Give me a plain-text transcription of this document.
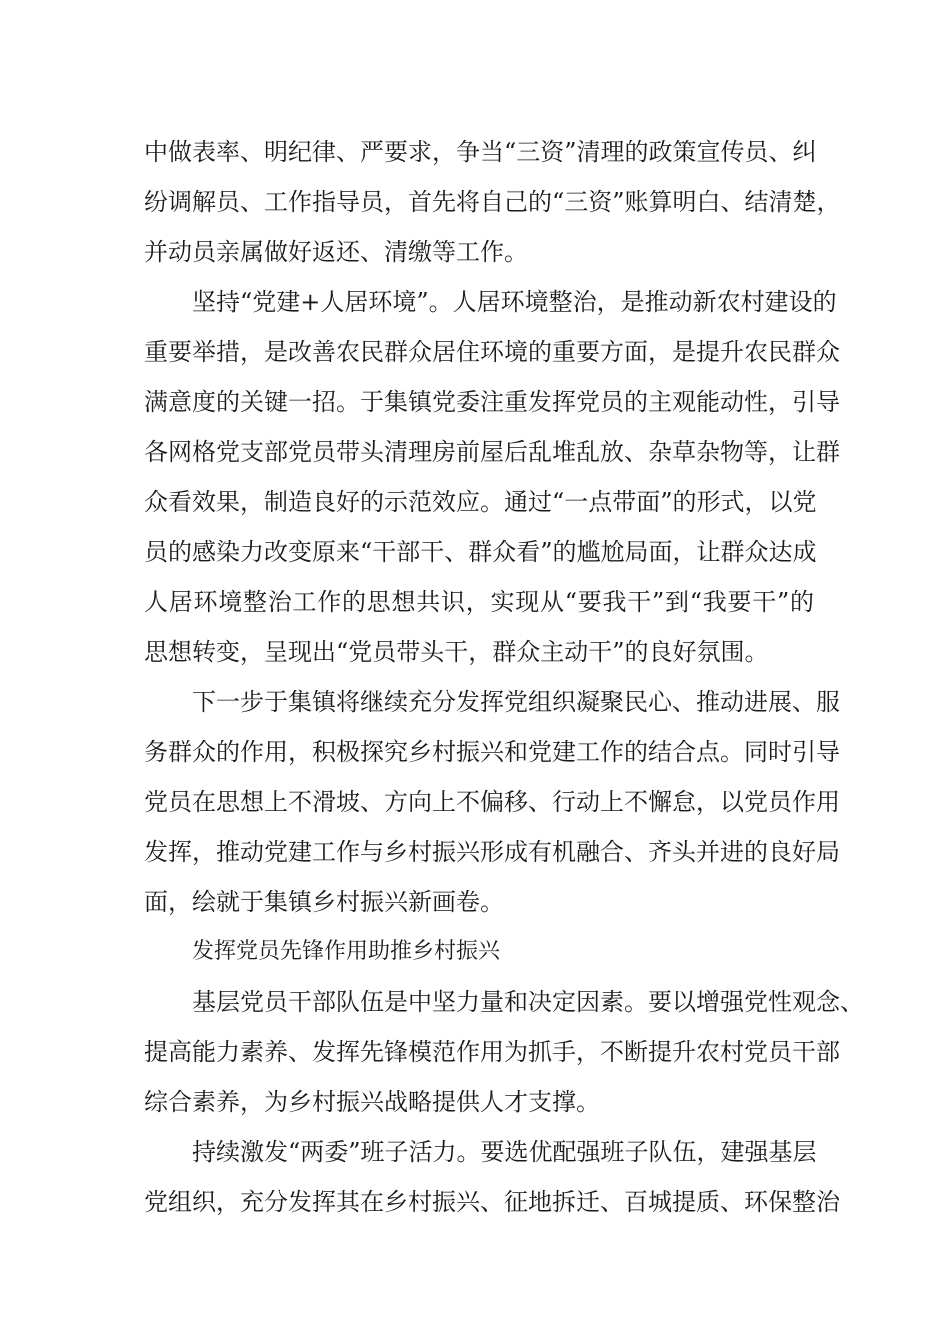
中做表率、明纪律、严要求，争当“三资”清理的政策宣传员、纠
纷调解员、工作指导员，首先将自己的“三资”账算明白、结清楚，
并动员亲属做好返还、清缴等工作。
坚持“党建+人居环境”。人居环境整治，是推动新农村建设的
重要举措，是改善农民群众居住环境的重要方面，是提升农民群众
满意度的关键一招。于集镇党委注重发挥党员的主观能动性，引导
各网格党支部党员带头清理房前屋后乱堆乱放、杂草杂物等，让群
众看效果，制造良好的示范效应。通过“一点带面”的形式，以党
员的感染力改变原来“干部干、群众看”的尴尬局面，让群众达成
人居环境整治工作的思想共识，实现从“要我干”到“我要干”的
思想转变，呈现出“党员带头干，群众主动干”的良好氛围。
下一步于集镇将继续充分发挥党组织凝聚民心、推动进展、服
务群众的作用，积极探究乡村振兴和党建工作的结合点。同时引导
党员在思想上不滑坡、方向上不偏移、行动上不懈怠，以党员作用
发挥，推动党建工作与乡村振兴形成有机融合、齐头并进的良好局
面，绘就于集镇乡村振兴新画卷。
发挥党员先锋作用助推乡村振兴
基层党员干部队伍是中坚力量和决定因素。要以增强党性观念、
提高能力素养、发挥先锋模范作用为抓手，不断提升农村党员干部
综合素养，为乡村振兴战略提供人才支撑。
持续激发“两委”班子活力。要选优配强班子队伍，建强基层
党组织，充分发挥其在乡村振兴、征地拆迁、百城提质、环保整治
